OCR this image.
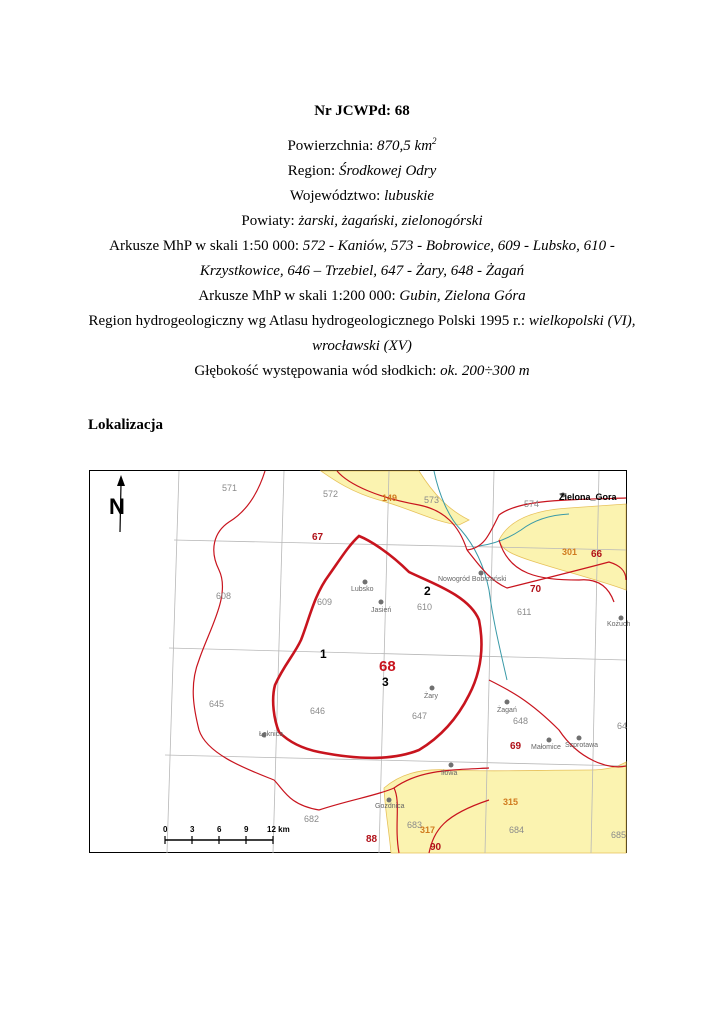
Nr JCWPd: 68
Powierzchnia: 870,5 $km^2$
Region: Środkowej Odry
Województwo: lubuskie
Powiaty: żarski, żagański, zielonogórski
Arkusze MhP w skali 1:50 000: 572 - Kaniów, 573 - Bobrowice, 609 - Lubsko, 610 -
Krzystkowice, 646 – Trzebiel, 647 - Żary, 648 - Żagań
Arkusze MhP w skali 1:200 000: Gubin, Zielona Góra
Region hydrogeologiczny wg Atlasu hydrogeologicznego Polski 1995 r.: wielkopolski (VI),
wrocławski (XV)
Głębokość występowania wód słodkich: ok. 200÷300 m
Lokalizacja
571
572
573	574
608
609	610	611
645
646	647	648	64
682
683	684	685
149
301
315
317
67
66
70
69
88
90
68
1
2
3
Zielona_Gora
Nowogród Bobrzański
Lubsko
Jasień
Kożuch
Żary
Żagań
Małomice Szprotawa
Łęknica
Iłowa
Gozdnica
N
0	3	6	9 12 km
